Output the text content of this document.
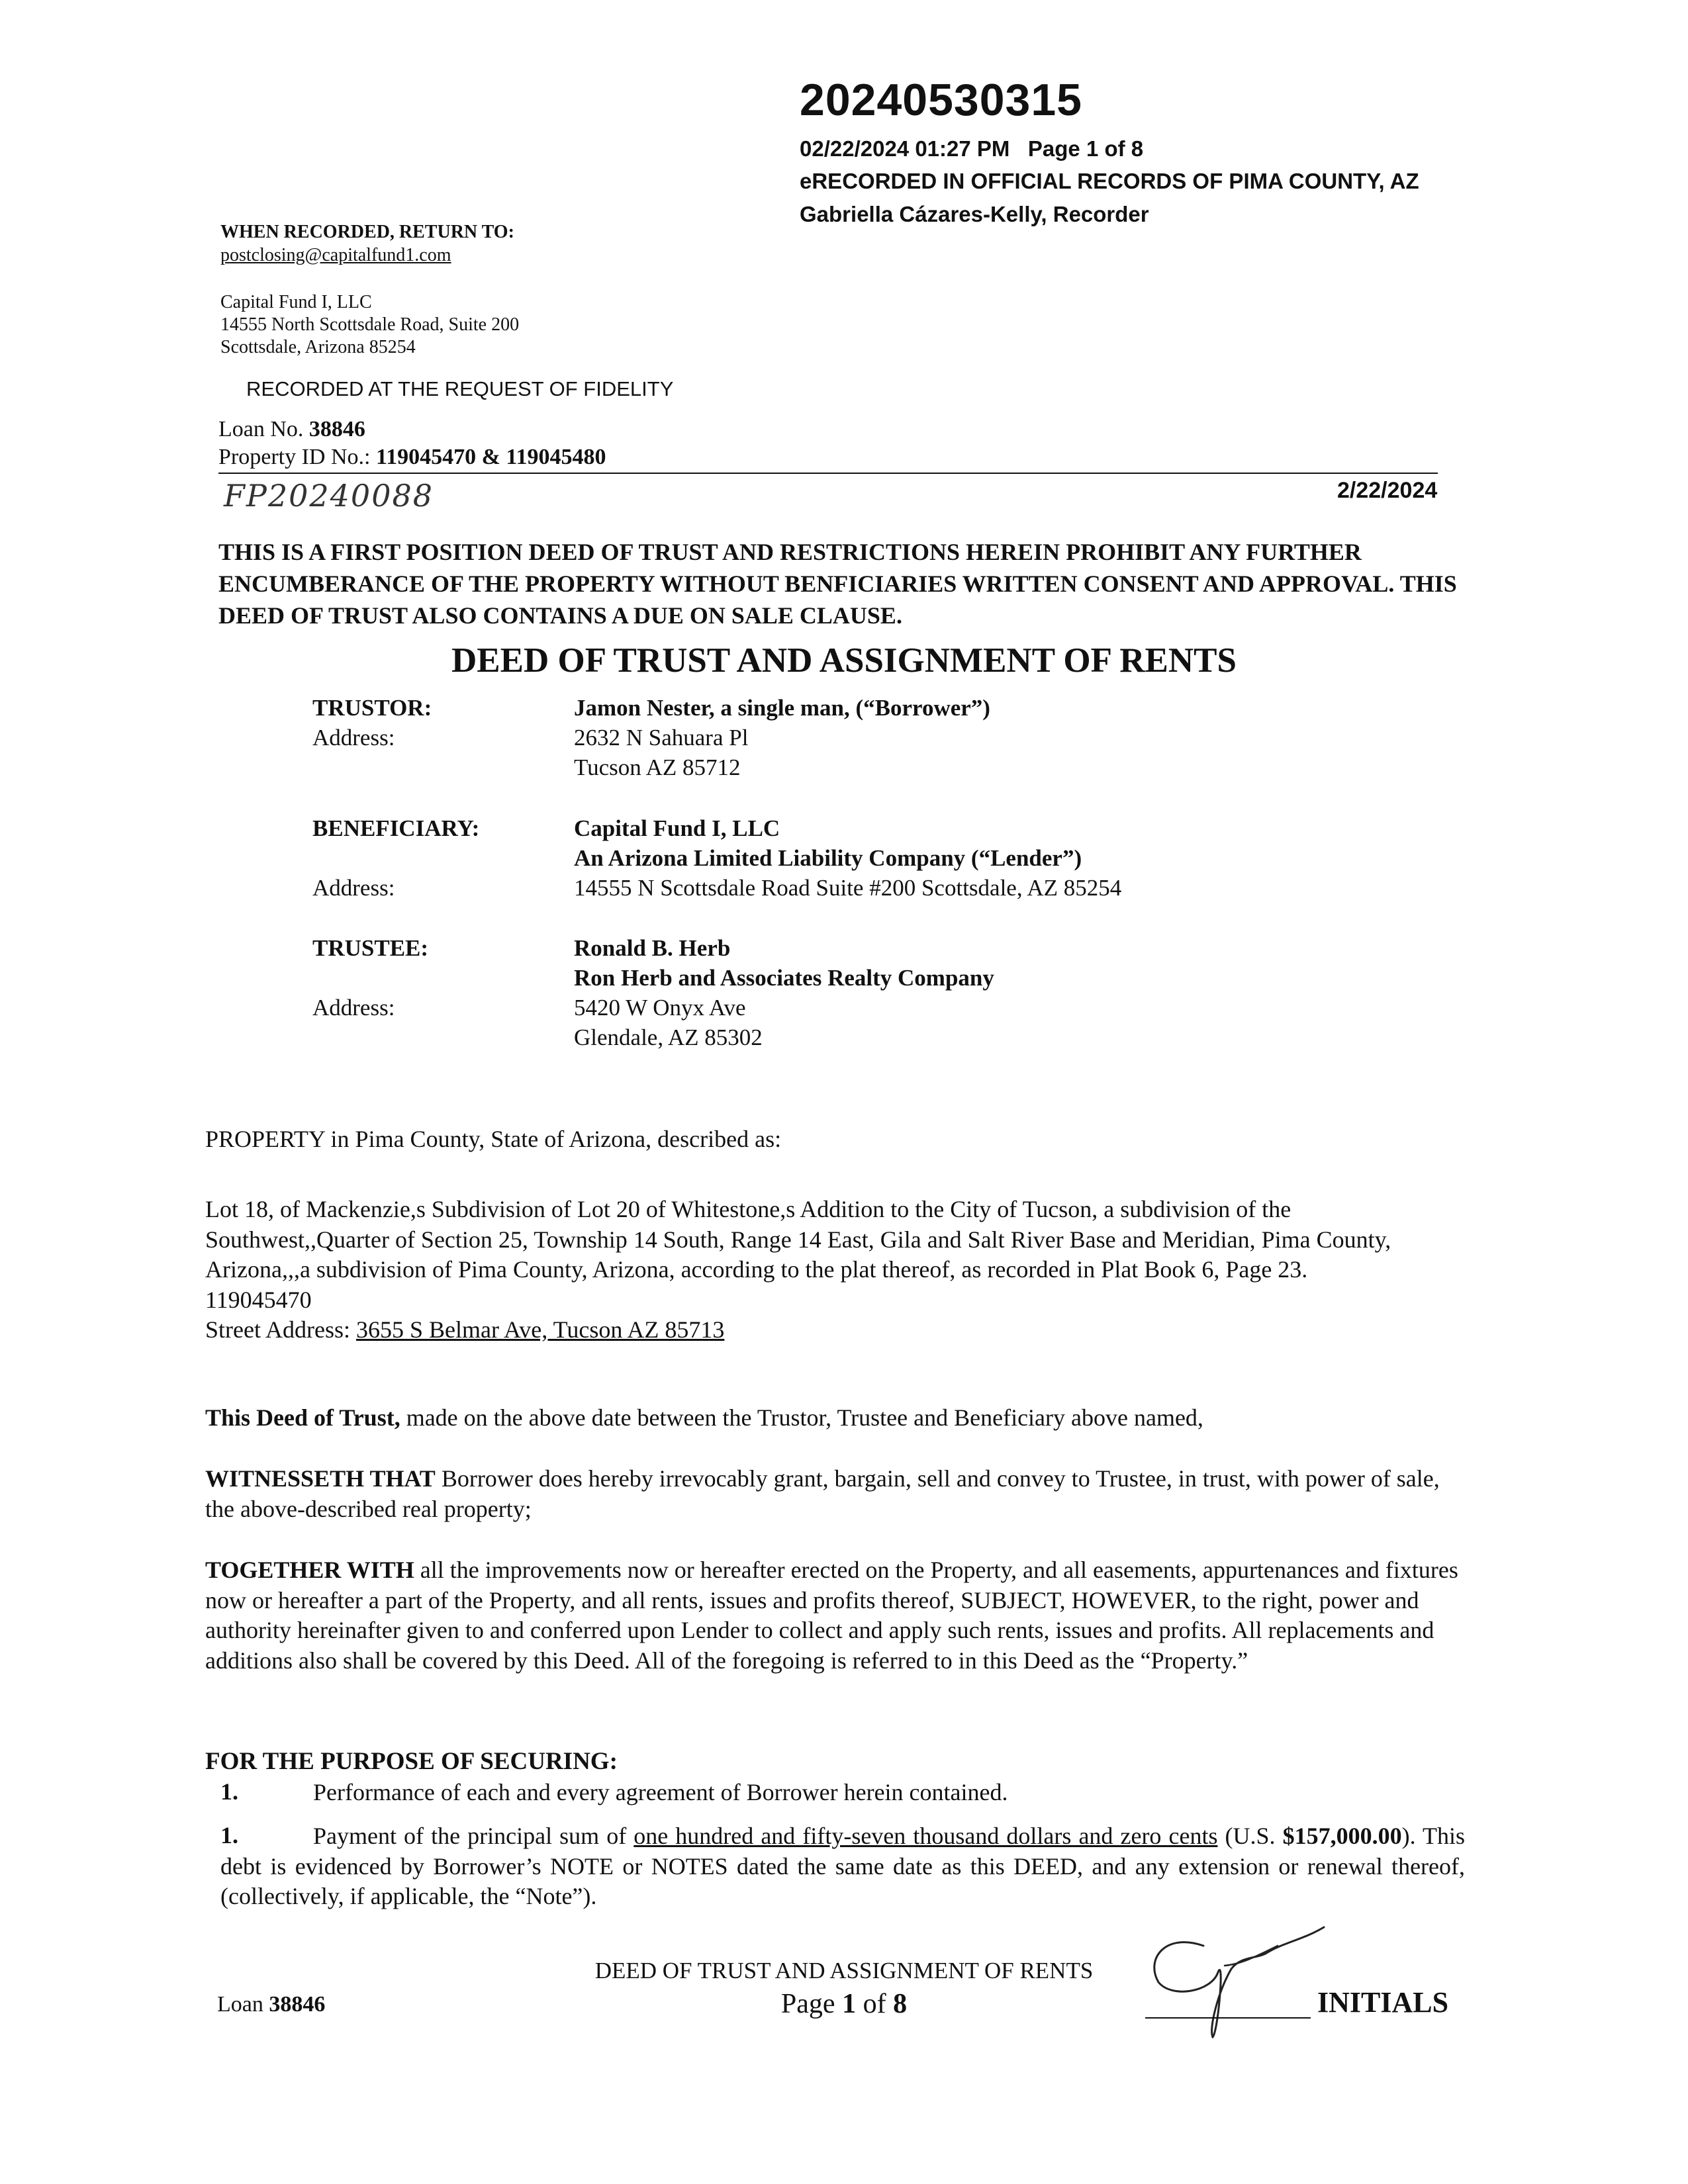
20240530315
02/22/2024 01:27 PM   Page 1 of 8
eRECORDED IN OFFICIAL RECORDS OF PIMA COUNTY, AZ
Gabriella Cázares-Kelly, Recorder
WHEN RECORDED, RETURN TO:
postclosing@capitalfund1.com
Capital Fund I, LLC
14555 North Scottsdale Road, Suite 200
Scottsdale, Arizona 85254
RECORDED AT THE REQUEST OF FIDELITY
Loan No. 38846
Property ID No.: 119045470 & 119045480
FP20240088	2/22/2024
THIS IS A FIRST POSITION DEED OF TRUST AND RESTRICTIONS HEREIN PROHIBIT ANY FURTHER ENCUMBERANCE OF THE PROPERTY WITHOUT BENFICIARIES WRITTEN CONSENT AND APPROVAL. THIS DEED OF TRUST ALSO CONTAINS A DUE ON SALE CLAUSE.
DEED OF TRUST AND ASSIGNMENT OF RENTS
TRUSTOR:	Jamon Nester, a single man, (“Borrower”)
Address:	2632 N Sahuara Pl
Tucson AZ 85712
BENEFICIARY:	Capital Fund I, LLC
An Arizona Limited Liability Company (“Lender”)
Address:	14555 N Scottsdale Road Suite #200 Scottsdale, AZ 85254
TRUSTEE:	Ronald B. Herb
Ron Herb and Associates Realty Company
Address:	5420 W Onyx Ave
Glendale, AZ 85302
PROPERTY in Pima County, State of Arizona, described as:
Lot 18, of Mackenzie,s Subdivision of Lot 20 of Whitestone,s Addition to the City of Tucson, a subdivision of the Southwest,,Quarter of Section 25, Township 14 South, Range 14 East, Gila and Salt River Base and Meridian, Pima County, Arizona,,,a subdivision of Pima County, Arizona, according to the plat thereof, as recorded in Plat Book 6, Page 23.
119045470
Street Address: 3655 S Belmar Ave, Tucson AZ 85713
This Deed of Trust, made on the above date between the Trustor, Trustee and Beneficiary above named,
WITNESSETH THAT Borrower does hereby irrevocably grant, bargain, sell and convey to Trustee, in trust, with power of sale, the above-described real property;
TOGETHER WITH all the improvements now or hereafter erected on the Property, and all easements, appurtenances and fixtures now or hereafter a part of the Property, and all rents, issues and profits thereof, SUBJECT, HOWEVER, to the right, power and authority hereinafter given to and conferred upon Lender to collect and apply such rents, issues and profits. All replacements and additions also shall be covered by this Deed. All of the foregoing is referred to in this Deed as the “Property.”
FOR THE PURPOSE OF SECURING:
1.	Performance of each and every agreement of Borrower herein contained.
1.	Payment of the principal sum of one hundred and fifty-seven thousand dollars and zero cents (U.S. $157,000.00). This debt is evidenced by Borrower’s NOTE or NOTES dated the same date as this DEED, and any extension or renewal thereof, (collectively, if applicable, the “Note”).
Loan 38846
DEED OF TRUST AND ASSIGNMENT OF RENTS
Page 1 of 8	INITIALS
